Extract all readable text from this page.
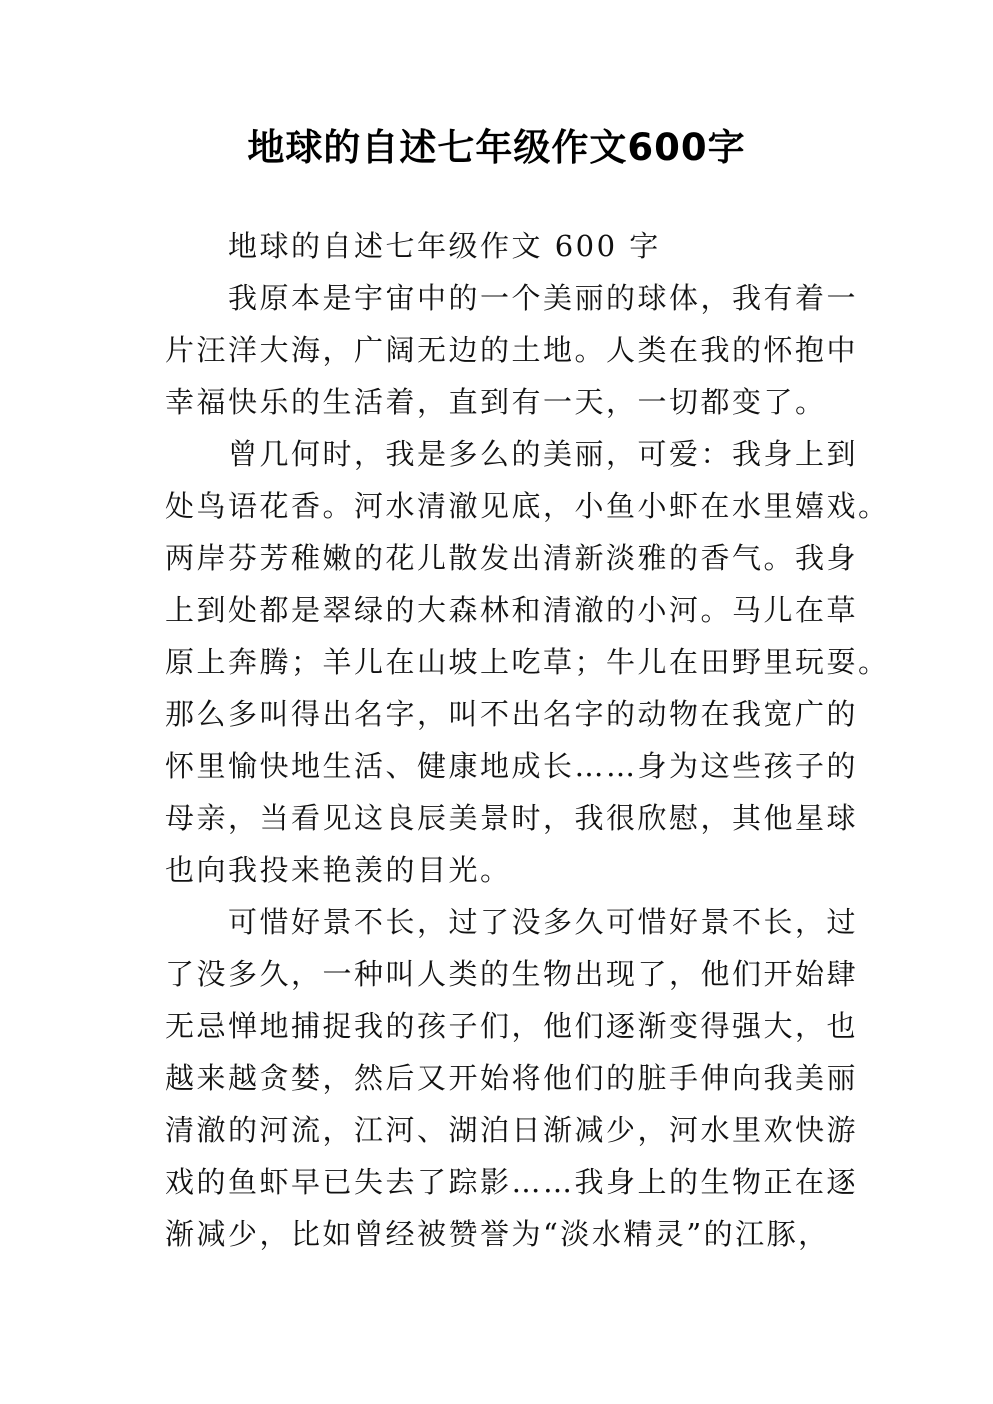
地球的自述七年级作文600字
地球的自述七年级作文 600 字
我原本是宇宙中的一个美丽的球体，我有着一
片汪洋大海，广阔无边的土地。人类在我的怀抱中
幸福快乐的生活着，直到有一天，一切都变了。
曾几何时，我是多么的美丽，可爱：我身上到
处鸟语花香。河水清澈见底，小鱼小虾在水里嬉戏。
两岸芬芳稚嫩的花儿散发出清新淡雅的香气。我身
上到处都是翠绿的大森林和清澈的小河。马儿在草
原上奔腾；羊儿在山坡上吃草；牛儿在田野里玩耍。
那么多叫得出名字，叫不出名字的动物在我宽广的
怀里愉快地生活、健康地成长……身为这些孩子的
母亲，当看见这良辰美景时，我很欣慰，其他星球
也向我投来艳羡的目光。
可惜好景不长，过了没多久可惜好景不长，过
了没多久，一种叫人类的生物出现了，他们开始肆
无忌惮地捕捉我的孩子们，他们逐渐变得强大，也
越来越贪婪，然后又开始将他们的脏手伸向我美丽
清澈的河流，江河、湖泊日渐减少，河水里欢快游
戏的鱼虾早已失去了踪影……我身上的生物正在逐
渐减少，比如曾经被赞誉为“淡水精灵”的江豚，
